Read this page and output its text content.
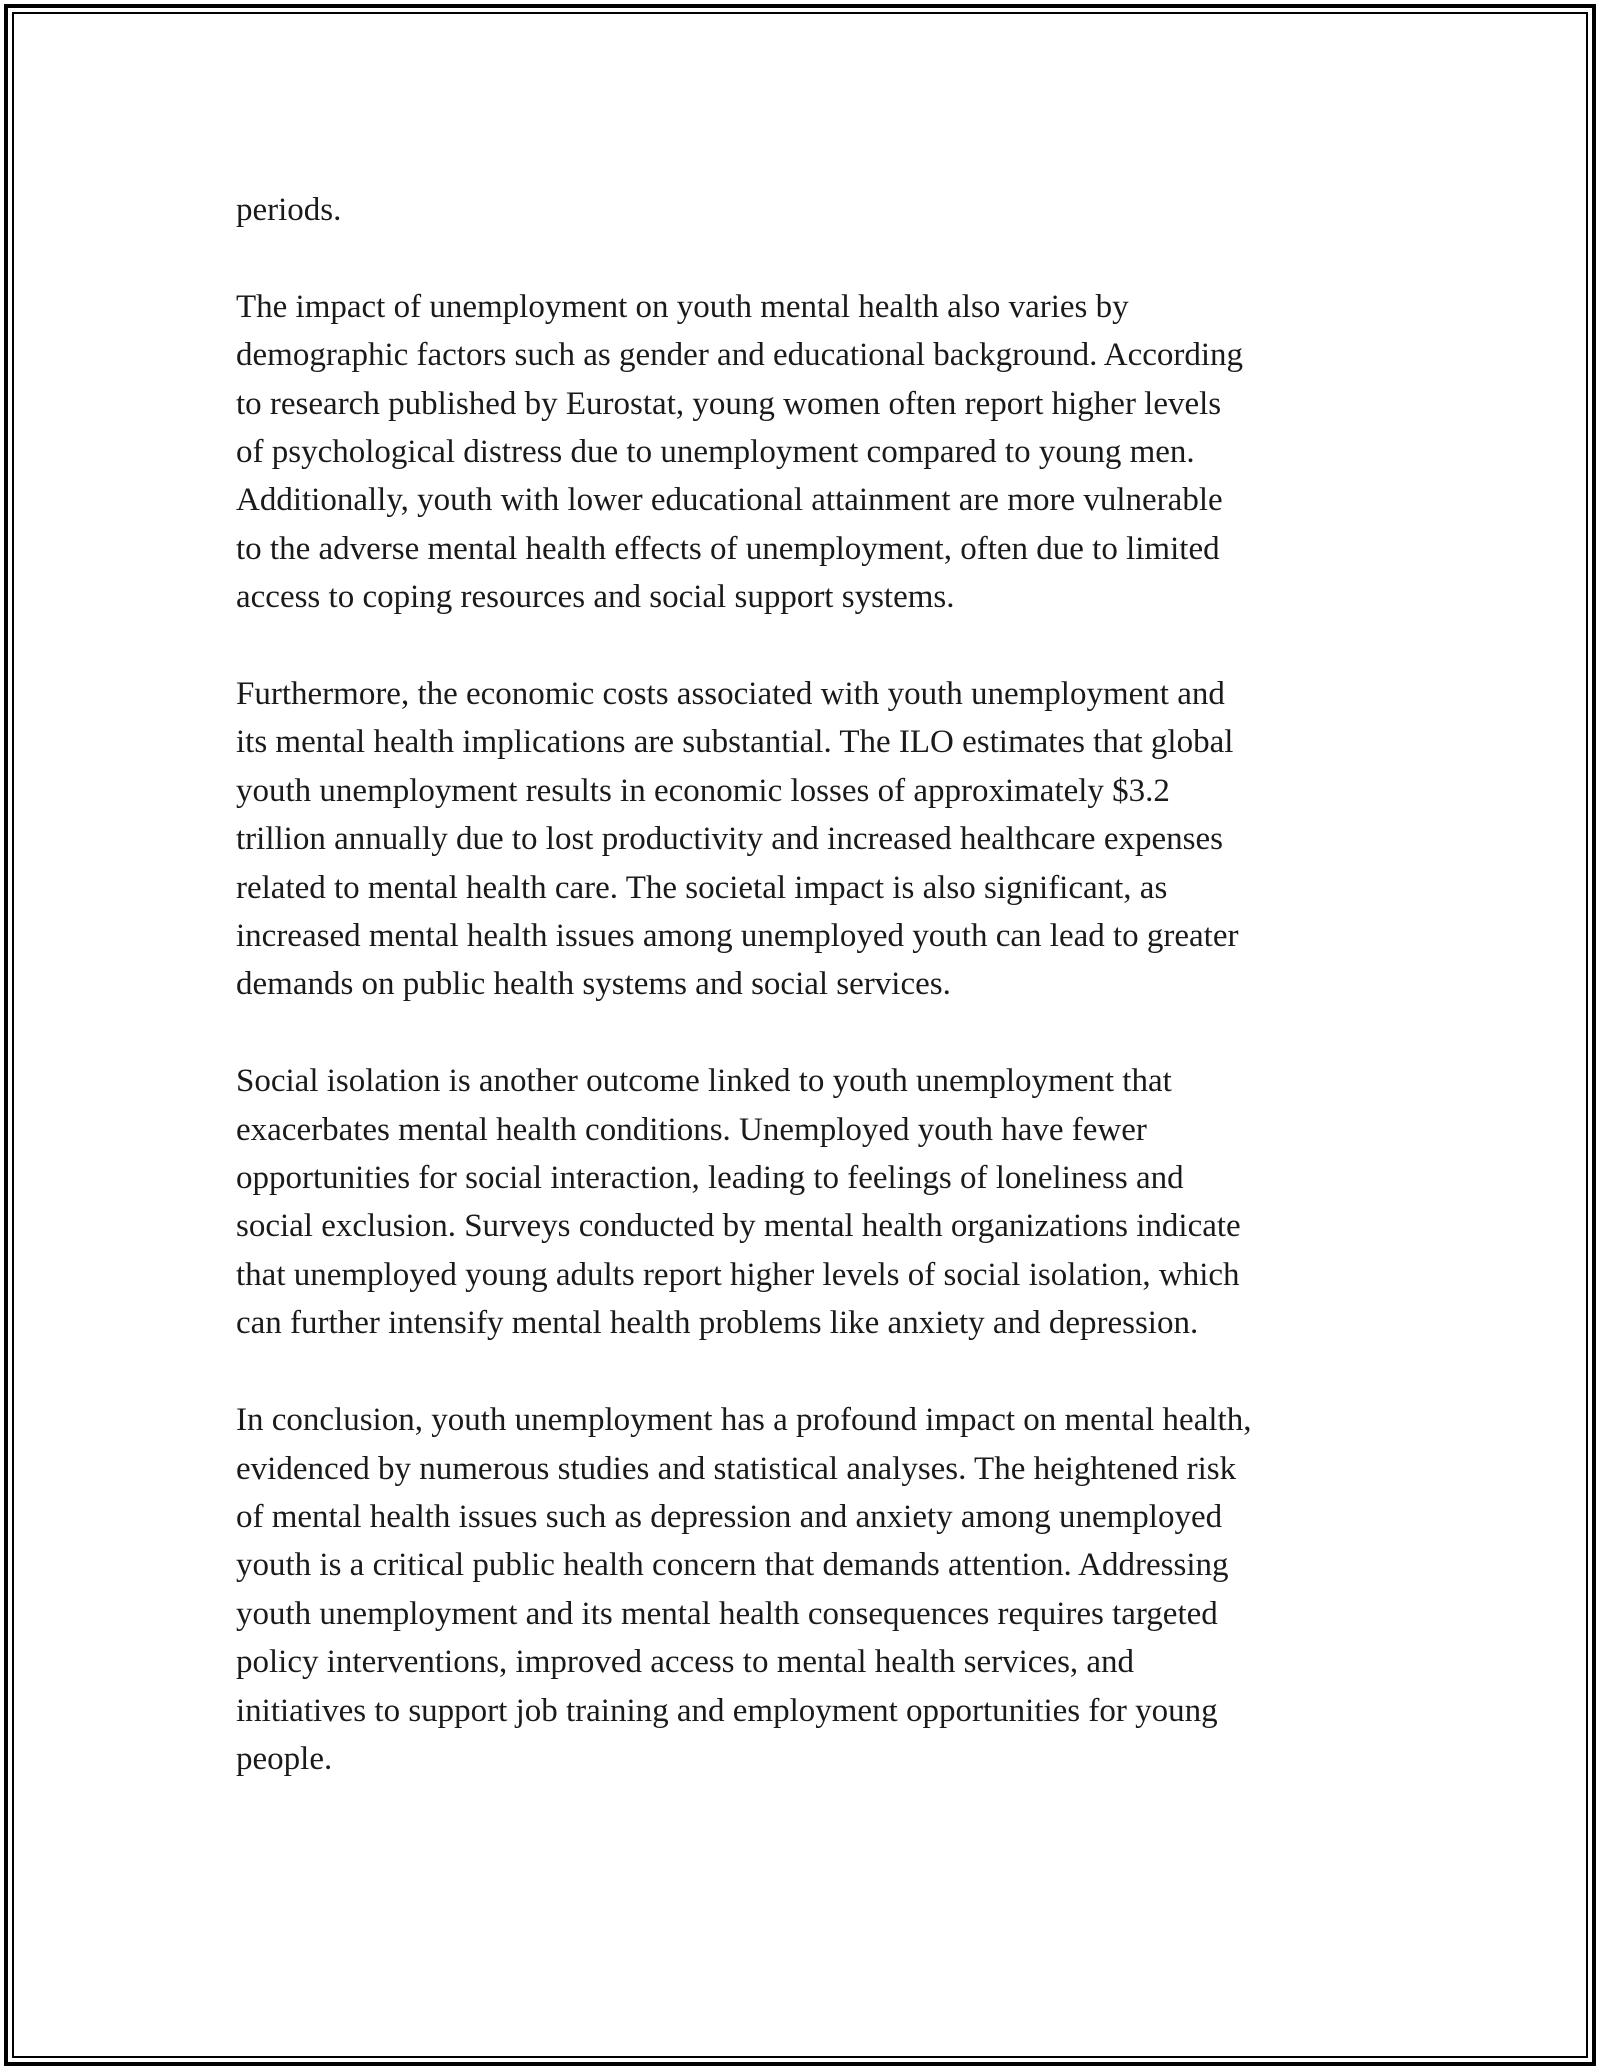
periods.

The impact of unemployment on youth mental health also varies by
demographic factors such as gender and educational background. According
to research published by Eurostat, young women often report higher levels
of psychological distress due to unemployment compared to young men.
Additionally, youth with lower educational attainment are more vulnerable
to the adverse mental health effects of unemployment, often due to limited
access to coping resources and social support systems.

Furthermore, the economic costs associated with youth unemployment and
its mental health implications are substantial. The ILO estimates that global
youth unemployment results in economic losses of approximately $3.2
trillion annually due to lost productivity and increased healthcare expenses
related to mental health care. The societal impact is also significant, as
increased mental health issues among unemployed youth can lead to greater
demands on public health systems and social services.

Social isolation is another outcome linked to youth unemployment that
exacerbates mental health conditions. Unemployed youth have fewer
opportunities for social interaction, leading to feelings of loneliness and
social exclusion. Surveys conducted by mental health organizations indicate
that unemployed young adults report higher levels of social isolation, which
can further intensify mental health problems like anxiety and depression.

In conclusion, youth unemployment has a profound impact on mental health,
evidenced by numerous studies and statistical analyses. The heightened risk
of mental health issues such as depression and anxiety among unemployed
youth is a critical public health concern that demands attention. Addressing
youth unemployment and its mental health consequences requires targeted
policy interventions, improved access to mental health services, and
initiatives to support job training and employment opportunities for young
people.
